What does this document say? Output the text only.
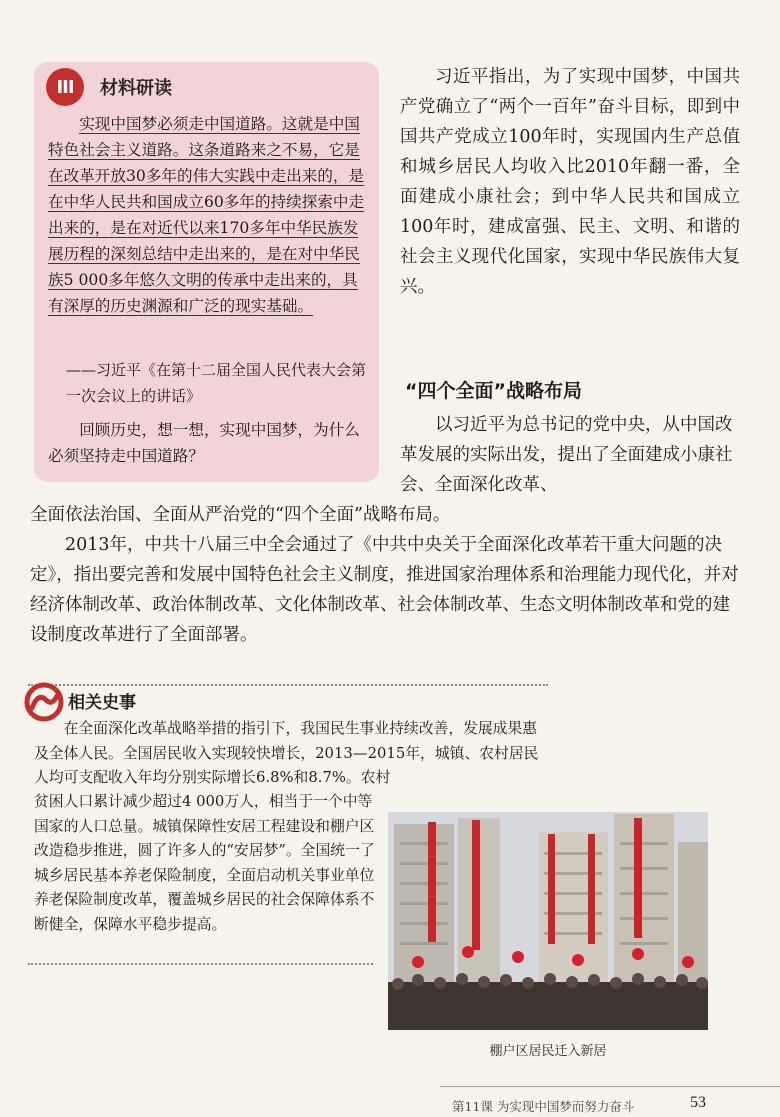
III 材料研读
实现中国梦必须走中国道路。这就是中国特色社会主义道路。这条道路来之不易，它是在改革开放30多年的伟大实践中走出来的，是在中华人民共和国成立60多年的持续探索中走出来的，是在对近代以来170多年中华民族发展历程的深刻总结中走出来的，是在对中华民族5 000多年悠久文明的传承中走出来的，具有深厚的历史渊源和广泛的现实基础。
——习近平《在第十二届全国人民代表大会第一次会议上的讲话》
回顾历史，想一想，实现中国梦，为什么必须坚持走中国道路？
习近平指出，为了实现中国梦，中国共产党确立了“两个一百年”奋斗目标，即到中国共产党成立100年时，实现国内生产总值和城乡居民人均收入比2010年翻一番，全面建成小康社会；到中华人民共和国成立100年时，建成富强、民主、文明、和谐的社会主义现代化国家，实现中华民族伟大复兴。
“四个全面”战略布局
以习近平为总书记的党中央，从中国改革发展的实际出发，提出了全面建成小康社会、全面深化改革、

全面依法治国、全面从严治党的“四个全面”战略布局。

2013年，中共十八届三中全会通过了《中共中央关于全面深化改革若干重大问题的决定》，指出要完善和发展中国特色社会主义制度，推进国家治理体系和治理能力现代化，并对经济体制改革、政治体制改革、文化体制改革、社会体制改革、生态文明体制改革和党的建设制度改革进行了全面部署。

相关史事
在全面深化改革战略举措的指引下，我国民生事业持续改善，发展成果惠及全体人民。全国居民收入实现较快增长，2013—2015年，城镇、农村居民人均可支配收入年均分别实际增长6.8%和8.7%。农村
贫困人口累计减少超过4 000万人，相当于一个中等国家的人口总量。城镇保障性安居工程建设和棚户区改造稳步推进，圆了许多人的“安居梦”。全国统一了城乡居民基本养老保险制度，全面启动机关事业单位养老保险制度改革，覆盖城乡居民的社会保障体系不断健全，保障水平稳步提高。
棚户区居民迁入新居
第11课 为实现中国梦而努力奋斗	53
